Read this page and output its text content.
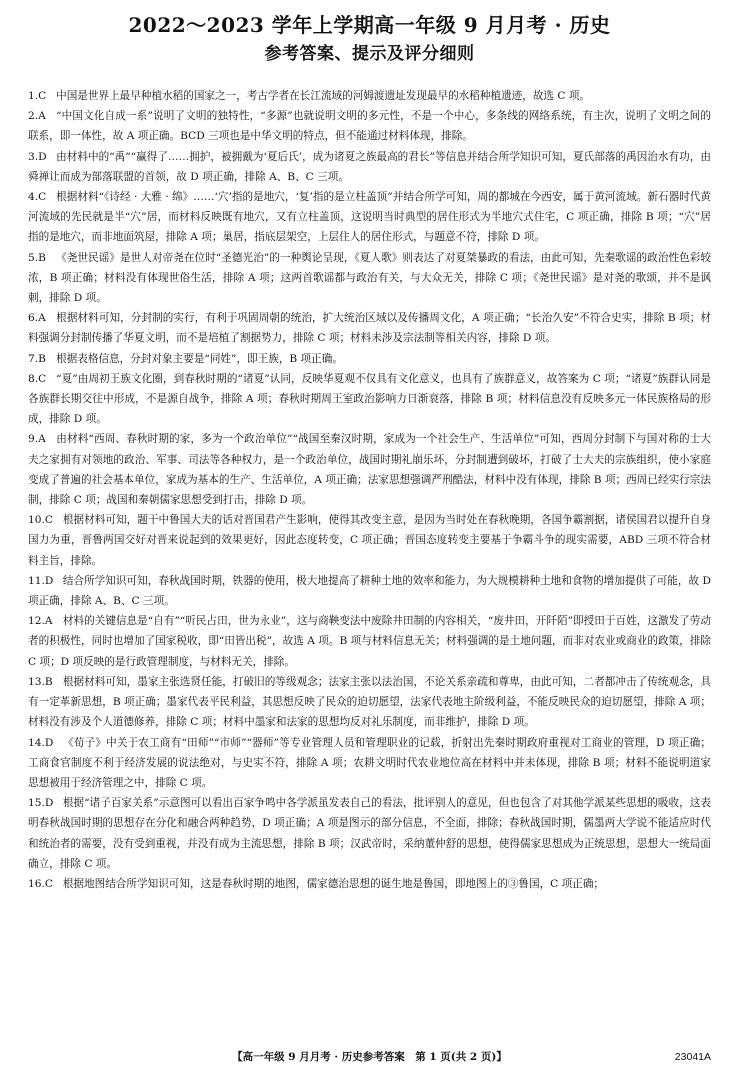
2022～2023 学年上学期高一年级 9 月月考 · 历史
参考答案、提示及评分细则

1.C 中国是世界上最早种植水稻的国家之一，考古学者在长江流域的河姆渡遗址发现最早的水稻种植遗迹，故选 C 项。

2.A “中国文化自成一系”说明了文明的独特性，“多源”也就说明文明的多元性，不是一个中心，多条线的网络系统，有主次，说明了文明之间的联系，即一体性，故 A 项正确。BCD 三项也是中华文明的特点，但不能通过材料体现，排除。

3.D 由材料中的“禹”“赢得了……拥护，被拥戴为‘夏后氏’，成为诸夏之族最高的君长”等信息并结合所学知识可知，夏氏部落的禹因治水有功，由舜禅让而成为部落联盟的首领，故 D 项正确，排除 A、B、C 三项。

4.C 根据材料“《诗经 · 大雅 · 绵》……‘穴’指的是地穴，‘复’指的是立柱盖顶”并结合所学可知，周的都城在今西安，属于黄河流域。新石器时代黄河流域的先民就是半“穴”居，而材料反映既有地穴，又有立柱盖顶，这说明当时典型的居住形式为半地穴式住宅，C 项正确，排除 B 项；“穴”居指的是地穴，而非地面筑屋，排除 A 项；巢居，指底层架空，上层住人的居住形式，与题意不符，排除 D 项。

5.B 《尧世民谣》是世人对帝尧在位时“圣德光治”的一种舆论呈现，《夏人歌》则表达了对夏桀暴政的看法，由此可知，先秦歌谣的政治性色彩较浓，B 项正确；材料没有体现世俗生活，排除 A 项；这两首歌谣都与政治有关，与大众无关，排除 C 项；《尧世民谣》是对尧的歌颂，并不是讽刺，排除 D 项。

6.A 根据材料可知，分封制的实行，有利于巩固周朝的统治，扩大统治区域以及传播周文化，A 项正确；“长治久安”不符合史实，排除 B 项；材料强调分封制传播了华夏文明，而不是培植了割据势力，排除 C 项；材料未涉及宗法制等相关内容，排除 D 项。

7.B 根据表格信息，分封对象主要是“同姓”，即王族，B 项正确。

8.C “夏”由周初王族文化圈，到春秋时期的“诸夏”认同，反映华夏观不仅具有文化意义，也具有了族群意义，故答案为 C 项；“诸夏”族群认同是各族群长期交往中形成，不是源自战争，排除 A 项；春秋时期周王室政治影响力日渐衰落，排除 B 项；材料信息没有反映多元一体民族格局的形成，排除 D 项。

9.A 由材料“西周、春秋时期的家，多为一个政治单位”“战国至秦汉时期，家成为一个社会生产、生活单位”可知，西周分封制下与国对称的士大夫之家拥有对领地的政治、军事、司法等各种权力，是一个政治单位，战国时期礼崩乐坏，分封制遭到破坏，打破了士大夫的宗族组织，使小家庭变成了普遍的社会基本单位，家成为基本的生产、生活单位，A 项正确；法家思想强调严刑酷法，材料中没有体现，排除 B 项；西周已经实行宗法制，排除 C 项；战国和秦朝儒家思想受到打击，排除 D 项。

10.C 根据材料可知，题干中鲁国大夫的话对晋国君产生影响，使得其改变主意，是因为当时处在春秋晚期，各国争霸割据，诸侯国君以提升自身国力为重，晋鲁两国交好对晋来说起到的效果更好，因此态度转变，C 项正确；晋国态度转变主要基于争霸斗争的现实需要，ABD 三项不符合材料主旨，排除。

11.D 结合所学知识可知，春秋战国时期，铁器的使用，极大地提高了耕种土地的效率和能力，为大规模耕种土地和食物的增加提供了可能，故 D 项正确，排除 A、B、C 三项。

12.A 材料的关键信息是“自有”“听民占田，世为永业”，这与商鞅变法中废除井田制的内容相关，“废井田，开阡陌”即授田于百姓，这激发了劳动者的积极性，同时也增加了国家税收，即“田皆出税”，故选 A 项。B 项与材料信息无关；材料强调的是土地问题，而非对农业或商业的政策，排除 C 项；D 项反映的是行政管理制度，与材料无关，排除。

13.B 根据材料可知，墨家主张选贤任能，打破旧的等级观念；法家主张以法治国，不论关系亲疏和尊卑，由此可知，二者都冲击了传统观念，具有一定革新思想，B 项正确；墨家代表平民利益，其思想反映了民众的迫切愿望，法家代表地主阶级利益，不能反映民众的迫切愿望，排除 A 项；材料没有涉及个人道德修养，排除 C 项；材料中墨家和法家的思想均反对礼乐制度，而非维护，排除 D 项。

14.D 《荀子》中关于农工商有“田师”“市师”“器师”等专业管理人员和管理职业的记载，折射出先秦时期政府重视对工商业的管理，D 项正确；工商食官制度不利于经济发展的说法绝对，与史实不符，排除 A 项；农耕文明时代农业地位高在材料中并未体现，排除 B 项；材料不能说明道家思想被用于经济管理之中，排除 C 项。

15.D 根据“诸子百家关系”示意图可以看出百家争鸣中各学派虽发表自己的看法，批评别人的意见，但也包含了对其他学派某些思想的吸收，这表明春秋战国时期的思想存在分化和融合两种趋势，D 项正确；A 项是图示的部分信息，不全面，排除；春秋战国时期，儒墨两大学说不能适应时代和统治者的需要，没有受到重视，并没有成为主流思想，排除 B 项；汉武帝时，采纳董仲舒的思想，使得儒家思想成为正统思想，思想大一统局面确立，排除 C 项。

16.C 根据地图结合所学知识可知，这是春秋时期的地图，儒家德治思想的诞生地是鲁国，即地图上的③鲁国，C 项正确；

【高一年级 9 月月考 · 历史参考答案　第 1 页(共 2 页)】	23041A
